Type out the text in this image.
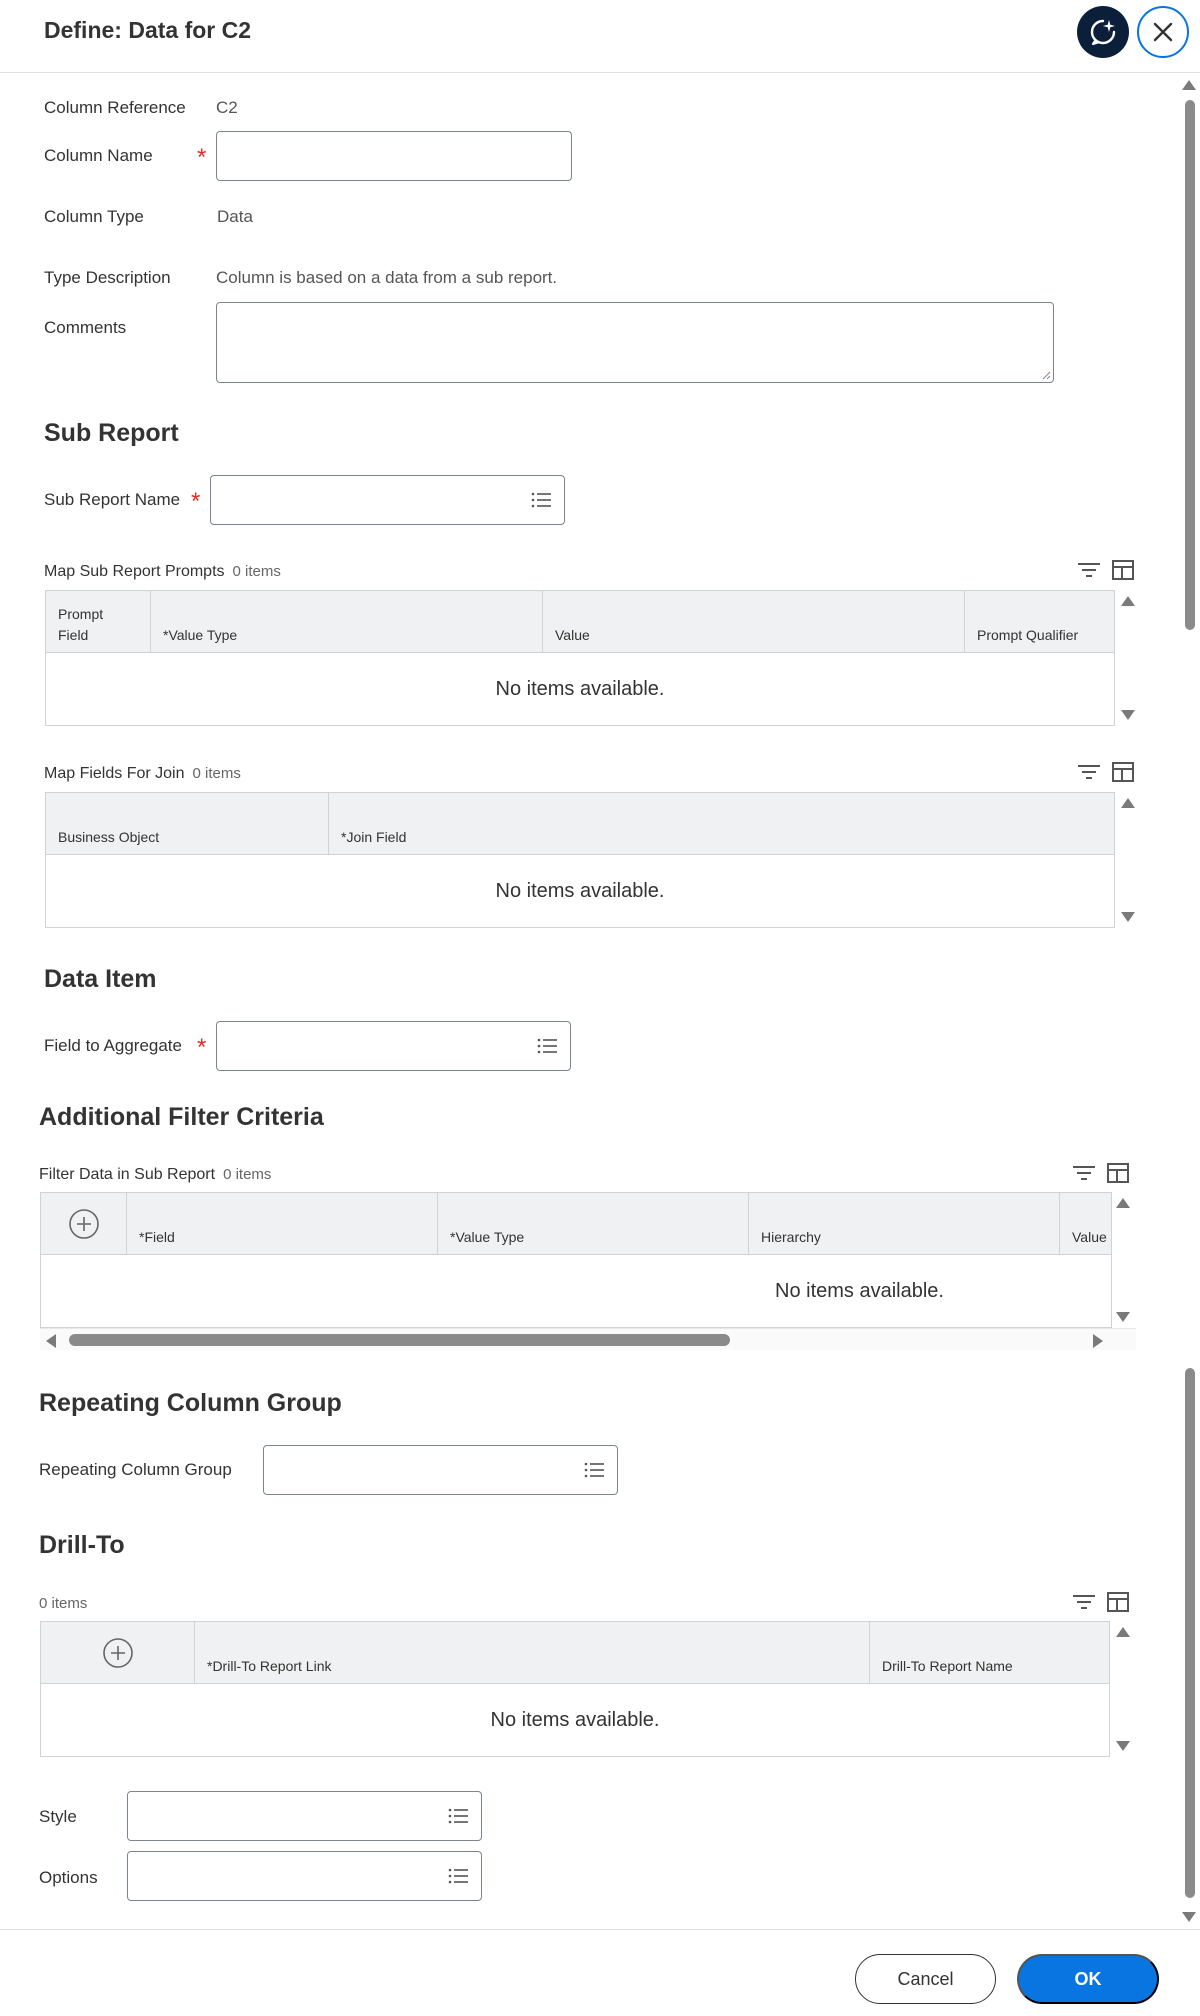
Define: Data for C2
Column Reference C2
Column Name *
Column Type	Data
Type Description	Column is based on a data from a sub report.
Comments
Sub Report
Sub Report Name *
Map Sub Report Prompts 0 items
Prompt
Field	*Value Type	Value	Prompt Qualifier
No items available.
Map Fields For Join 0 items
Business Object	*Join Field
No items available.
Data Item
Field to Aggregate *
Additional Filter Criteria
Filter Data in Sub Report 0 items
*Field	*Value Type	Hierarchy	Value
No items available.
Repeating Column Group
Repeating Column Group
Drill-To
0 items
*Drill-To Report Link	Drill-To Report Name
No items available.
Style
Options
Cancel	OK
